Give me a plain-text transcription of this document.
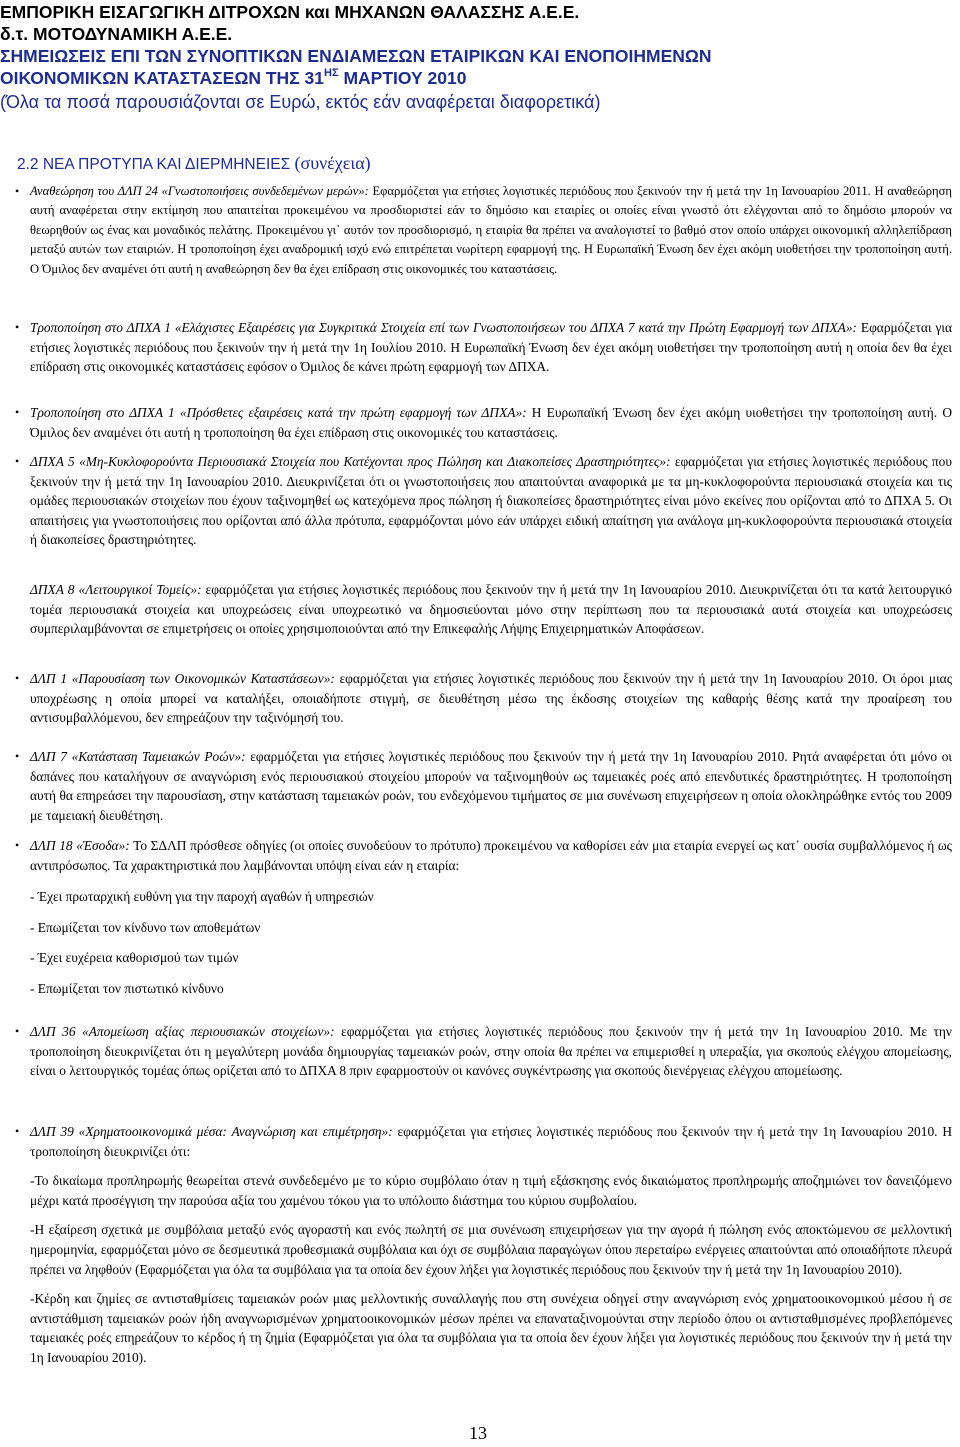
ΕΜΠΟΡΙΚΗ ΕΙΣΑΓΩΓΙΚΗ ΔΙΤΡΟΧΩΝ και ΜΗΧΑΝΩΝ ΘΑΛΑΣΣΗΣ Α.Ε.Ε.
δ.τ. ΜΟΤΟΔΥΝΑΜΙΚΗ Α.Ε.Ε.
ΣΗΜΕΙΩΣΕΙΣ ΕΠΙ ΤΩΝ ΣΥΝΟΠΤΙΚΩΝ ΕΝΔΙΑΜΕΣΩΝ ΕΤΑΙΡΙΚΩΝ ΚΑΙ ΕΝΟΠΟΙΗΜΕΝΩΝ
ΟΙΚΟΝΟΜΙΚΩΝ ΚΑΤΑΣΤΑΣΕΩΝ ΤΗΣ $31^{H\Sigma}$ ΜΑΡΤΙΟΥ 2010
(Όλα τα ποσά παρουσιάζονται σε Ευρώ, εκτός εάν αναφέρεται διαφορετικά)
2.2 ΝΕΑ ΠΡΟΤΥΠΑ ΚΑΙ ΔΙΕΡΜΗΝΕΙΕΣ (συνέχεια)
• Αναθεώρηση του ΔΛΠ 24 «Γνωστοποιήσεις συνδεδεμένων μερών»: Εφαρμόζεται για ετήσιες λογιστικές περιόδους που ξεκινούν την ή μετά την 1η Ιανουαρίου 2011. Η αναθεώρηση αυτή αναφέρεται στην εκτίμηση που απαιτείται προκειμένου να προσδιοριστεί εάν το δημόσιο και εταιρίες οι οποίες είναι γνωστό ότι ελέγχονται από το δημόσιο μπορούν να θεωρηθούν ως ένας και μοναδικός πελάτης. Προκειμένου γι᾽ αυτόν τον προσδιορισμό, η εταιρία θα πρέπει να αναλογιστεί το βαθμό στον οποίο υπάρχει οικονομική αλληλεπίδραση μεταξύ αυτών των εταιριών. Η τροποποίηση έχει αναδρομική ισχύ ενώ επιτρέπεται νωρίτερη εφαρμογή της. Η Ευρωπαϊκή Ένωση δεν έχει ακόμη υιοθετήσει την τροποποίηση αυτή. Ο Όμιλος δεν αναμένει ότι αυτή η αναθεώρηση δεν θα έχει επίδραση στις οικονομικές του καταστάσεις.

• Τροποποίηση στο ΔΠΧΑ 1 «Ελάχιστες Εξαιρέσεις για Συγκριτικά Στοιχεία επί των Γνωστοποιήσεων του ΔΠΧΑ 7 κατά την Πρώτη Εφαρμογή των ΔΠΧΑ»: Εφαρμόζεται για ετήσιες λογιστικές περιόδους που ξεκινούν την ή μετά την 1η Ιουλίου 2010. Η Ευρωπαϊκή Ένωση δεν έχει ακόμη υιοθετήσει την τροποποίηση αυτή η οποία δεν θα έχει επίδραση στις οικονομικές καταστάσεις εφόσον ο Όμιλος δε κάνει πρώτη εφαρμογή των ΔΠΧΑ.

• Τροποποίηση στο ΔΠΧΑ 1 «Πρόσθετες εξαιρέσεις κατά την πρώτη εφαρμογή των ΔΠΧΑ»: Η Ευρωπαϊκή Ένωση δεν έχει ακόμη υιοθετήσει την τροποποίηση αυτή. Ο Όμιλος δεν αναμένει ότι αυτή η τροποποίηση θα έχει επίδραση στις οικονομικές του καταστάσεις.

• ΔΠΧΑ 5 «Μη-Κυκλοφορούντα Περιουσιακά Στοιχεία που Κατέχονται προς Πώληση και Διακοπείσες Δραστηριότητες»: εφαρμόζεται για ετήσιες λογιστικές περιόδους που ξεκινούν την ή μετά την 1η Ιανουαρίου 2010. Διευκρινίζεται ότι οι γνωστοποιήσεις που απαιτούνται αναφορικά με τα μη-κυκλοφορούντα περιουσιακά στοιχεία και τις ομάδες περιουσιακών στοιχείων που έχουν ταξινομηθεί ως κατεχόμενα προς πώληση ή διακοπείσες δραστηριότητες είναι μόνο εκείνες που ορίζονται από το ΔΠΧΑ 5. Οι απαιτήσεις για γνωστοποιήσεις που ορίζονται από άλλα πρότυπα, εφαρμόζονται μόνο εάν υπάρχει ειδική απαίτηση για ανάλογα μη-κυκλοφορούντα περιουσιακά στοιχεία ή διακοπείσες δραστηριότητες.

ΔΠΧΑ 8 «Λειτουργικοί Τομείς»: εφαρμόζεται για ετήσιες λογιστικές περιόδους που ξεκινούν την ή μετά την 1η Ιανουαρίου 2010. Διευκρινίζεται ότι τα κατά λειτουργικό τομέα περιουσιακά στοιχεία και υποχρεώσεις είναι υποχρεωτικό να δημοσιεύονται μόνο στην περίπτωση που τα περιουσιακά αυτά στοιχεία και υποχρεώσεις συμπεριλαμβάνονται σε επιμετρήσεις οι οποίες χρησιμοποιούνται από την Επικεφαλής Λήψης Επιχειρηματικών Αποφάσεων.

• ΔΛΠ 1 «Παρουσίαση των Οικονομικών Καταστάσεων»: εφαρμόζεται για ετήσιες λογιστικές περιόδους που ξεκινούν την ή μετά την 1η Ιανουαρίου 2010. Οι όροι μιας υποχρέωσης η οποία μπορεί να καταλήξει, οποιαδήποτε στιγμή, σε διευθέτηση μέσω της έκδοσης στοιχείων της καθαρής θέσης κατά την προαίρεση του αντισυμβαλλόμενου, δεν επηρεάζουν την ταξινόμησή του.

• ΔΛΠ 7 «Κατάσταση Ταμειακών Ροών»: εφαρμόζεται για ετήσιες λογιστικές περιόδους που ξεκινούν την ή μετά την 1η Ιανουαρίου 2010. Ρητά αναφέρεται ότι μόνο οι δαπάνες που καταλήγουν σε αναγνώριση ενός περιουσιακού στοιχείου μπορούν να ταξινομηθούν ως ταμειακές ροές από επενδυτικές δραστηριότητες. Η τροποποίηση αυτή θα επηρεάσει την παρουσίαση, στην κατάσταση ταμειακών ροών, του ενδεχόμενου τιμήματος σε μια συνένωση επιχειρήσεων η οποία ολοκληρώθηκε εντός του 2009 με ταμειακή διευθέτηση.

• ΔΛΠ 18 «Έσοδα»: Το ΣΔΛΠ πρόσθεσε οδηγίες (οι οποίες συνοδεύουν το πρότυπο) προκειμένου να καθορίσει εάν μια εταιρία ενεργεί ως κατ᾽ ουσία συμβαλλόμενος ή ως αντιπρόσωπος. Τα χαρακτηριστικά που λαμβάνονται υπόψη είναι εάν η εταιρία:

- Έχει πρωταρχική ευθύνη για την παροχή αγαθών ή υπηρεσιών

- Επωμίζεται τον κίνδυνο των αποθεμάτων

- Έχει ευχέρεια καθορισμού των τιμών

- Επωμίζεται τον πιστωτικό κίνδυνο

• ΔΛΠ 36 «Απομείωση αξίας περιουσιακών στοιχείων»: εφαρμόζεται για ετήσιες λογιστικές περιόδους που ξεκινούν την ή μετά την 1η Ιανουαρίου 2010. Με την τροποποίηση διευκρινίζεται ότι η μεγαλύτερη μονάδα δημιουργίας ταμειακών ροών, στην οποία θα πρέπει να επιμερισθεί η υπεραξία, για σκοπούς ελέγχου απομείωσης, είναι ο λειτουργικός τομέας όπως ορίζεται από το ΔΠΧΑ 8 πριν εφαρμοστούν οι κανόνες συγκέντρωσης για σκοπούς διενέργειας ελέγχου απομείωσης.

• ΔΛΠ 39 «Χρηματοοικονομικά μέσα: Αναγνώριση και επιμέτρηση»: εφαρμόζεται για ετήσιες λογιστικές περιόδους που ξεκινούν την ή μετά την 1η Ιανουαρίου 2010. Η τροποποίηση διευκρινίζει ότι:

-Το δικαίωμα προπληρωμής θεωρείται στενά συνδεδεμένο με το κύριο συμβόλαιο όταν η τιμή εξάσκησης ενός δικαιώματος προπληρωμής αποζημιώνει τον δανειζόμενο μέχρι κατά προσέγγιση την παρούσα αξία του χαμένου τόκου για το υπόλοιπο διάστημα του κύριου συμβολαίου.

-Η εξαίρεση σχετικά με συμβόλαια μεταξύ ενός αγοραστή και ενός πωλητή σε μια συνένωση επιχειρήσεων για την αγορά ή πώληση ενός αποκτώμενου σε μελλοντική ημερομηνία, εφαρμόζεται μόνο σε δεσμευτικά προθεσμιακά συμβόλαια και όχι σε συμβόλαια παραγώγων όπου περεταίρω ενέργειες απαιτούνται από οποιαδήποτε πλευρά πρέπει να ληφθούν (Εφαρμόζεται για όλα τα συμβόλαια για τα οποία δεν έχουν λήξει για λογιστικές περιόδους που ξεκινούν την ή μετά την 1η Ιανουαρίου 2010).

-Κέρδη και ζημίες σε αντισταθμίσεις ταμειακών ροών μιας μελλοντικής συναλλαγής που στη συνέχεια οδηγεί στην αναγνώριση ενός χρηματοοικονομικού μέσου ή σε αντιστάθμιση ταμειακών ροών ήδη αναγνωρισμένων χρηματοοικονομικών μέσων πρέπει να επαναταξινομούνται στην περίοδο όπου οι αντισταθμισμένες προβλεπόμενες ταμειακές ροές επηρεάζουν το κέρδος ή τη ζημία (Εφαρμόζεται για όλα τα συμβόλαια για τα οποία δεν έχουν λήξει για λογιστικές περιόδους που ξεκινούν την ή μετά την 1η Ιανουαρίου 2010).

13
